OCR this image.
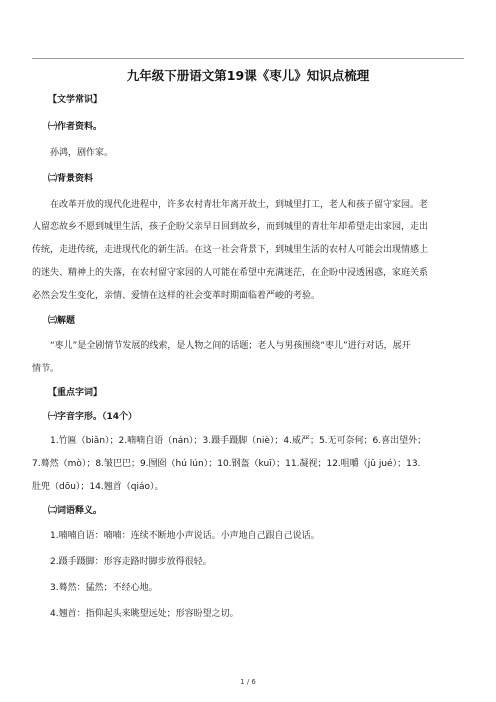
九年级下册语文第19课《枣儿》知识点梳理
【文学常识】
㈠作者资料。
孙鸿，剧作家。
㈡背景资料
在改革开放的现代化进程中，许多农村青壮年离开故土，到城里打工，老人和孩子留守家园。老
人留恋故乡不愿到城里生活，孩子企盼父亲早日回到故乡，而到城里的青壮年却希望走出家园，走出
传统，走进传统，走进现代化的新生活。在这一社会背景下，到城里生活的农村人可能会出现情感上
的迷失、精神上的失落，在农村留守家园的人可能在希望中充满迷茫，在企盼中浸透困惑，家庭关系
必然会发生变化，亲情、爱情在这样的社会变革时期面临着严峻的考验。
㈢解题
“枣儿”是全剧情节发展的线索，是人物之间的话题；老人与男孩围绕“枣儿”进行对话，展开
情节。
【重点字词】
㈠字音字形。（14个）
1.竹匾（biǎn）；2.喃喃自语（nán）；3.蹑手蹑脚（niè）；4.威严；5.无可奈何；6.喜出望外；
7.蓦然（mò）；8.皱巴巴；9.囫囵（hú lún）；10.钢盔（kuī）；11.凝视；12.咀嚼（jǔ jué）；13.
肚兜（dōu）；14.翘首（qiáo）。
㈡词语释义。
1.喃喃自语：喃喃：连续不断地小声说话。小声地自己跟自己说话。
2.蹑手蹑脚：形容走路时脚步放得很轻。
3.蓦然：猛然；不经心地。
4.翘首：指仰起头来眺望远处；形容盼望之切。
1 / 6
